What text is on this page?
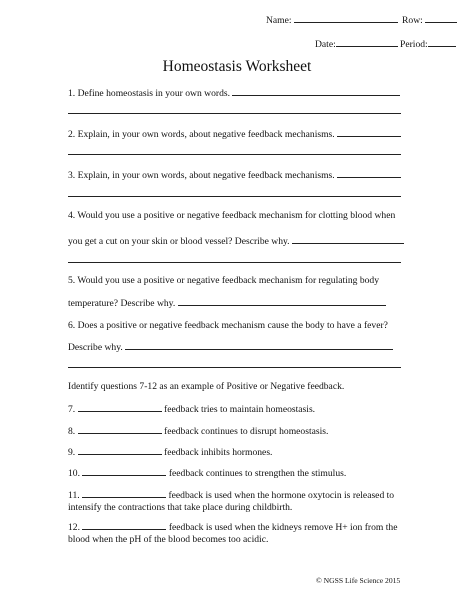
Name:	Row:
Date:	Period:
Homeostasis Worksheet
1. Define homeostasis in your own words.
2. Explain, in your own words, about negative feedback mechanisms.
3. Explain, in your own words, about negative feedback mechanisms.
4. Would you use a positive or negative feedback mechanism for clotting blood when
you get a cut on your skin or blood vessel? Describe why.
5. Would you use a positive or negative feedback mechanism for regulating body
temperature? Describe why.
6. Does a positive or negative feedback mechanism cause the body to have a fever?
Describe why.
Identify questions 7-12 as an example of Positive or Negative feedback.
7.	feedback tries to maintain homeostasis.
8.	feedback continues to disrupt homeostasis.
9.	feedback inhibits hormones.
10.	feedback continues to strengthen the stimulus.
11.	feedback is used when the hormone oxytocin is released to intensify the contractions that take place during childbirth.
12.	feedback is used when the kidneys remove H+ ion from the blood when the pH of the blood becomes too acidic.
© NGSS Life Science 2015
